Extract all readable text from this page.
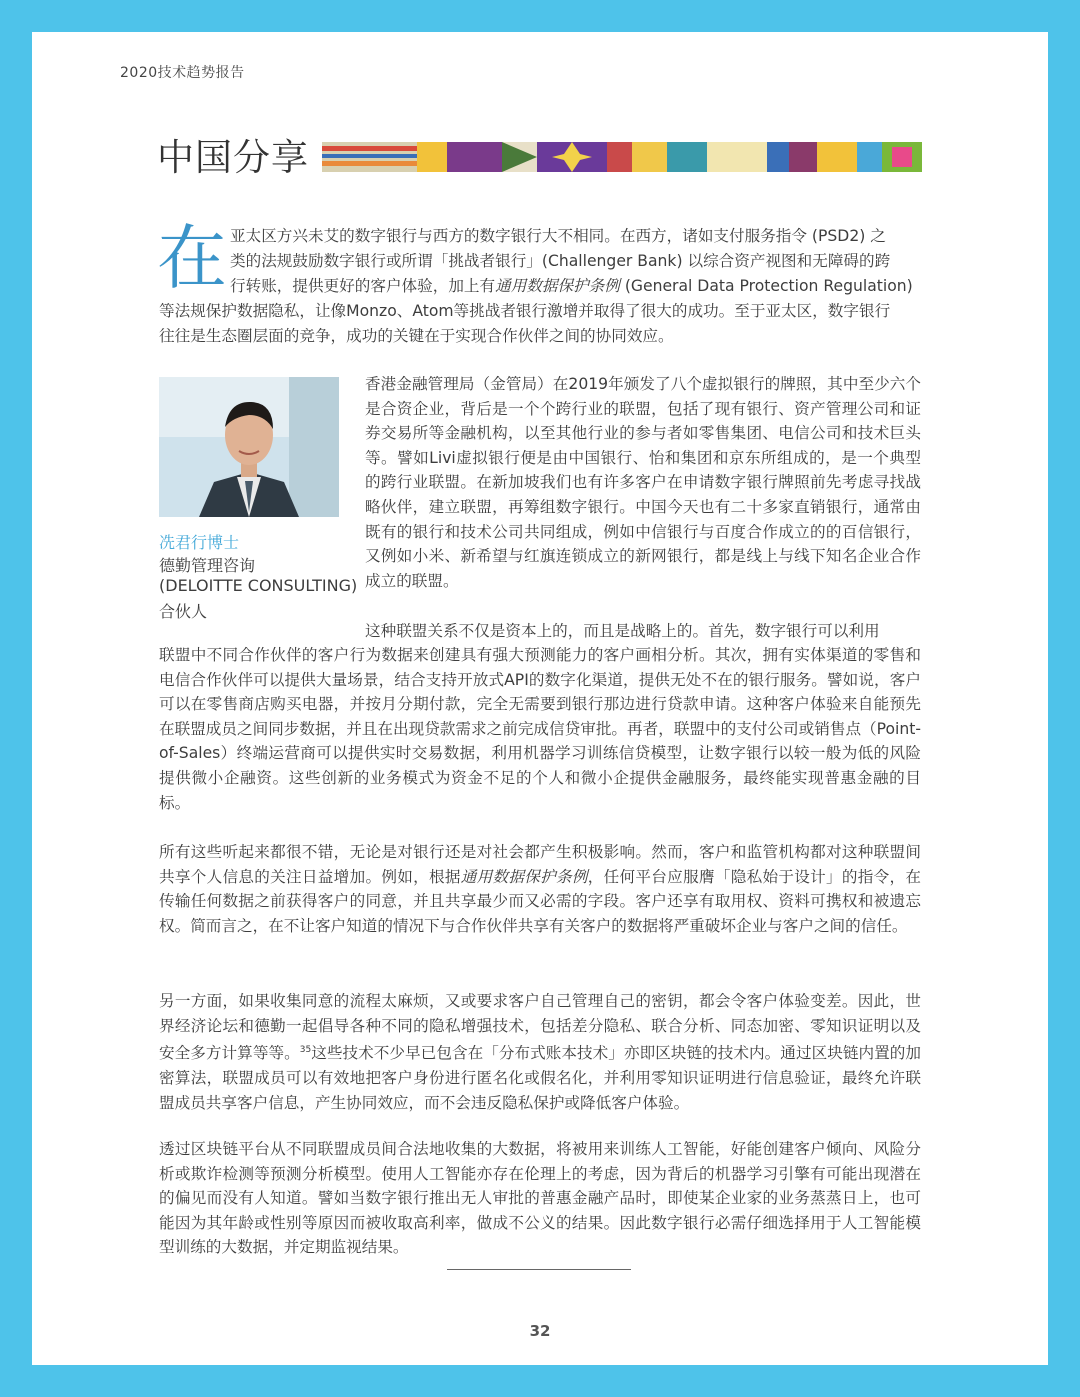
2020技术趋势报告
中国分享
在 亚太区方兴未艾的数字银行与西方的数字银行大不相同。在西方，诸如支付服务指令 (PSD2) 之
类的法规鼓励数字银行或所谓「挑战者银行」(Challenger Bank) 以综合资产视图和无障碍的跨
行转账，提供更好的客户体验，加上有通用数据保护条例 (General Data Protection Regulation)
等法规保护数据隐私，让像Monzo、Atom等挑战者银行激增并取得了很大的成功。至于亚太区，数字银行
往往是生态圈层面的竞争，成功的关键在于实现合作伙伴之间的协同效应。
冼君行博士
德勤管理咨询
(DELOITTE CONSULTING)
合伙人

香港金融管理局（金管局）在2019年颁发了八个虚拟银行的牌照，其中至少六个是合资企业，背后是一个个跨行业的联盟，包括了现有银行、资产管理公司和证券交易所等金融机构，以至其他行业的参与者如零售集团、电信公司和技术巨头等。譬如Livi虚拟银行便是由中国银行、怡和集团和京东所组成的，是一个典型的跨行业联盟。在新加坡我们也有许多客户在申请数字银行牌照前先考虑寻找战略伙伴，建立联盟，再筹组数字银行。中国今天也有二十多家直销银行，通常由既有的银行和技术公司共同组成，例如中信银行与百度合作成立的的百信银行，又例如小米、新希望与红旗连锁成立的新网银行，都是线上与线下知名企业合作成立的联盟。

这种联盟关系不仅是资本上的，而且是战略上的。首先，数字银行可以利用

联盟中不同合作伙伴的客户行为数据来创建具有强大预测能力的客户画相分析。其次，拥有实体渠道的零售和电信合作伙伴可以提供大量场景，结合支持开放式API的数字化渠道，提供无处不在的银行服务。譬如说，客户可以在零售商店购买电器，并按月分期付款，完全无需要到银行那边进行贷款申请。这种客户体验来自能预先在联盟成员之间同步数据，并且在出现贷款需求之前完成信贷审批。再者，联盟中的支付公司或销售点（Point-of-Sales）终端运营商可以提供实时交易数据，利用机器学习训练信贷模型，让数字银行以较一般为低的风险提供微小企融资。这些创新的业务模式为资金不足的个人和微小企提供金融服务，最终能实现普惠金融的目标。

所有这些听起来都很不错，无论是对银行还是对社会都产生积极影响。然而，客户和监管机构都对这种联盟间共享个人信息的关注日益增加。例如，根据通用数据保护条例，任何平台应服膺「隐私始于设计」的指令，在传输任何数据之前获得客户的同意，并且共享最少而又必需的字段。客户还享有取用权、资料可携权和被遗忘权。简而言之，在不让客户知道的情况下与合作伙伴共享有关客户的数据将严重破坏企业与客户之间的信任。

另一方面，如果收集同意的流程太麻烦，又或要求客户自己管理自己的密钥，都会令客户体验变差。因此，世界经济论坛和德勤一起倡导各种不同的隐私增强技术，包括差分隐私、联合分析、同态加密、零知识证明以及安全多方计算等等。$^{35}$这些技术不少早已包含在「分布式账本技术」亦即区块链的技术内。通过区块链内置的加密算法，联盟成员可以有效地把客户身份进行匿名化或假名化，并利用零知识证明进行信息验证，最终允许联盟成员共享客户信息，产生协同效应，而不会违反隐私保护或降低客户体验。

透过区块链平台从不同联盟成员间合法地收集的大数据，将被用来训练人工智能，好能创建客户倾向、风险分析或欺诈检测等预测分析模型。使用人工智能亦存在伦理上的考虑，因为背后的机器学习引擎有可能出现潜在的偏见而没有人知道。譬如当数字银行推出无人审批的普惠金融产品时，即使某企业家的业务蒸蒸日上，也可能因为其年龄或性别等原因而被收取高利率，做成不公义的结果。因此数字银行必需仔细选择用于人工智能模型训练的大数据，并定期监视结果。

32
